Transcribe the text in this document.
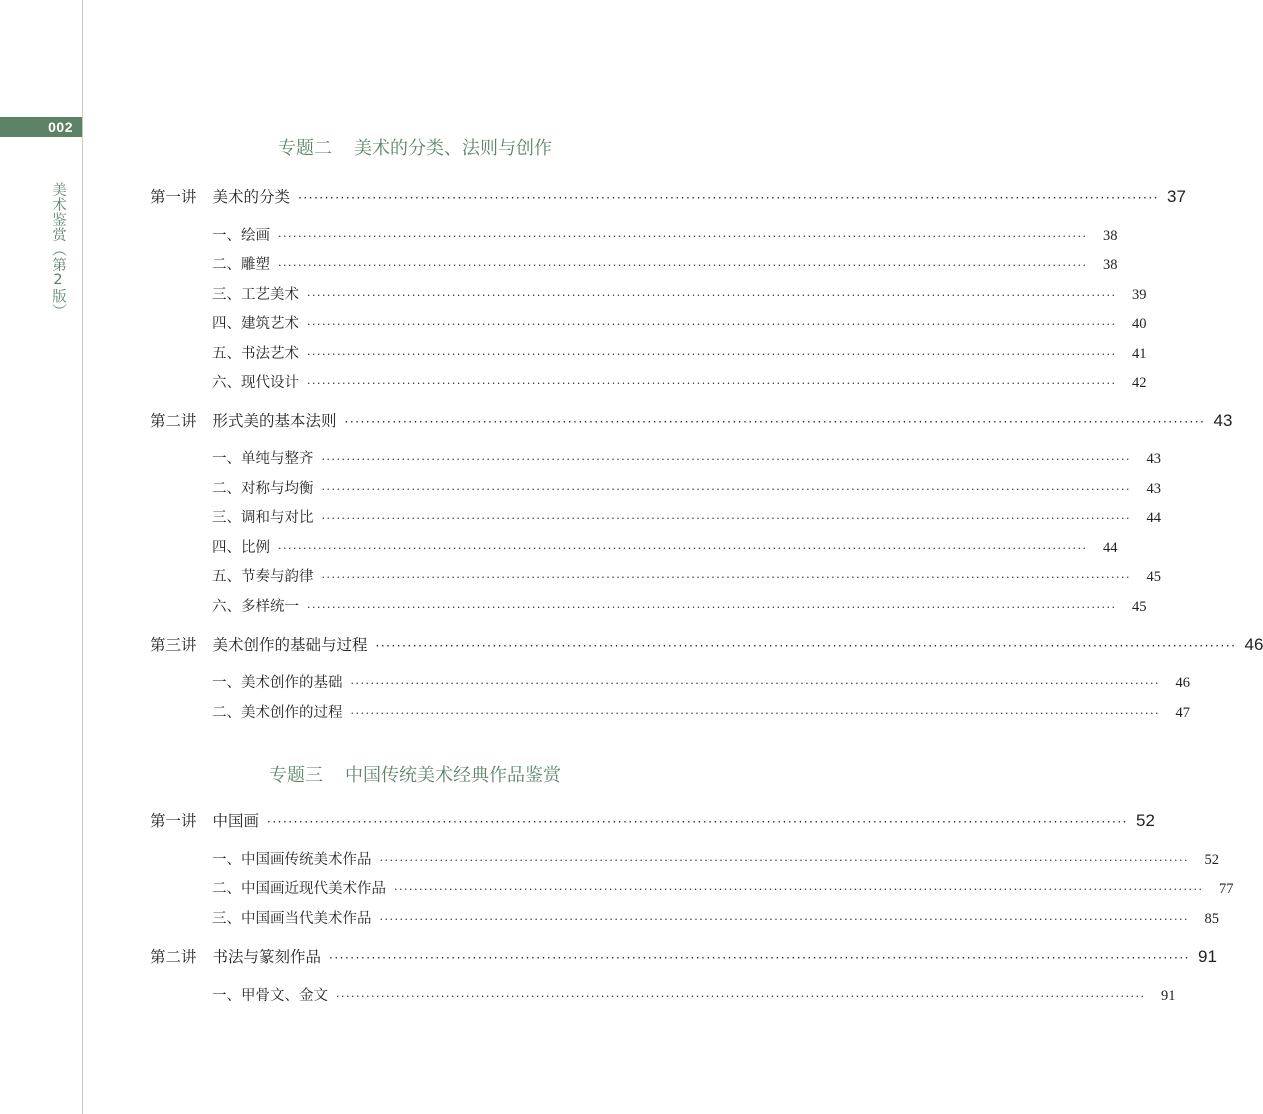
002
美术鉴赏（第2版）
专题二 美术的分类、法则与创作
第一讲 美术的分类 ·································································································································································· 37
一、绘画 ··································································································································································	38
二、雕塑 ··································································································································································	38
三、工艺美术 ··································································································································································	39
四、建筑艺术 ··································································································································································	40
五、书法艺术 ··································································································································································	41
六、现代设计 ··································································································································································	42
第二讲 形式美的基本法则 ·································································································································································· 43
一、单纯与整齐 ··································································································································································	43
二、对称与均衡 ··································································································································································	43
三、调和与对比 ··································································································································································	44
四、比例 ··································································································································································	44
五、节奏与韵律 ··································································································································································	45
六、多样统一 ··································································································································································	45
第三讲 美术创作的基础与过程 ·································································································································································· 46
一、美术创作的基础 ··································································································································································	46
二、美术创作的过程 ··································································································································································	47
专题三 中国传统美术经典作品鉴赏
第一讲 中国画 ·································································································································································· 52
一、中国画传统美术作品 ··································································································································································	52
二、中国画近现代美术作品 ··································································································································································	77
三、中国画当代美术作品 ··································································································································································	85
第二讲 书法与篆刻作品 ·································································································································································· 91
一、甲骨文、金文 ··································································································································································	91
